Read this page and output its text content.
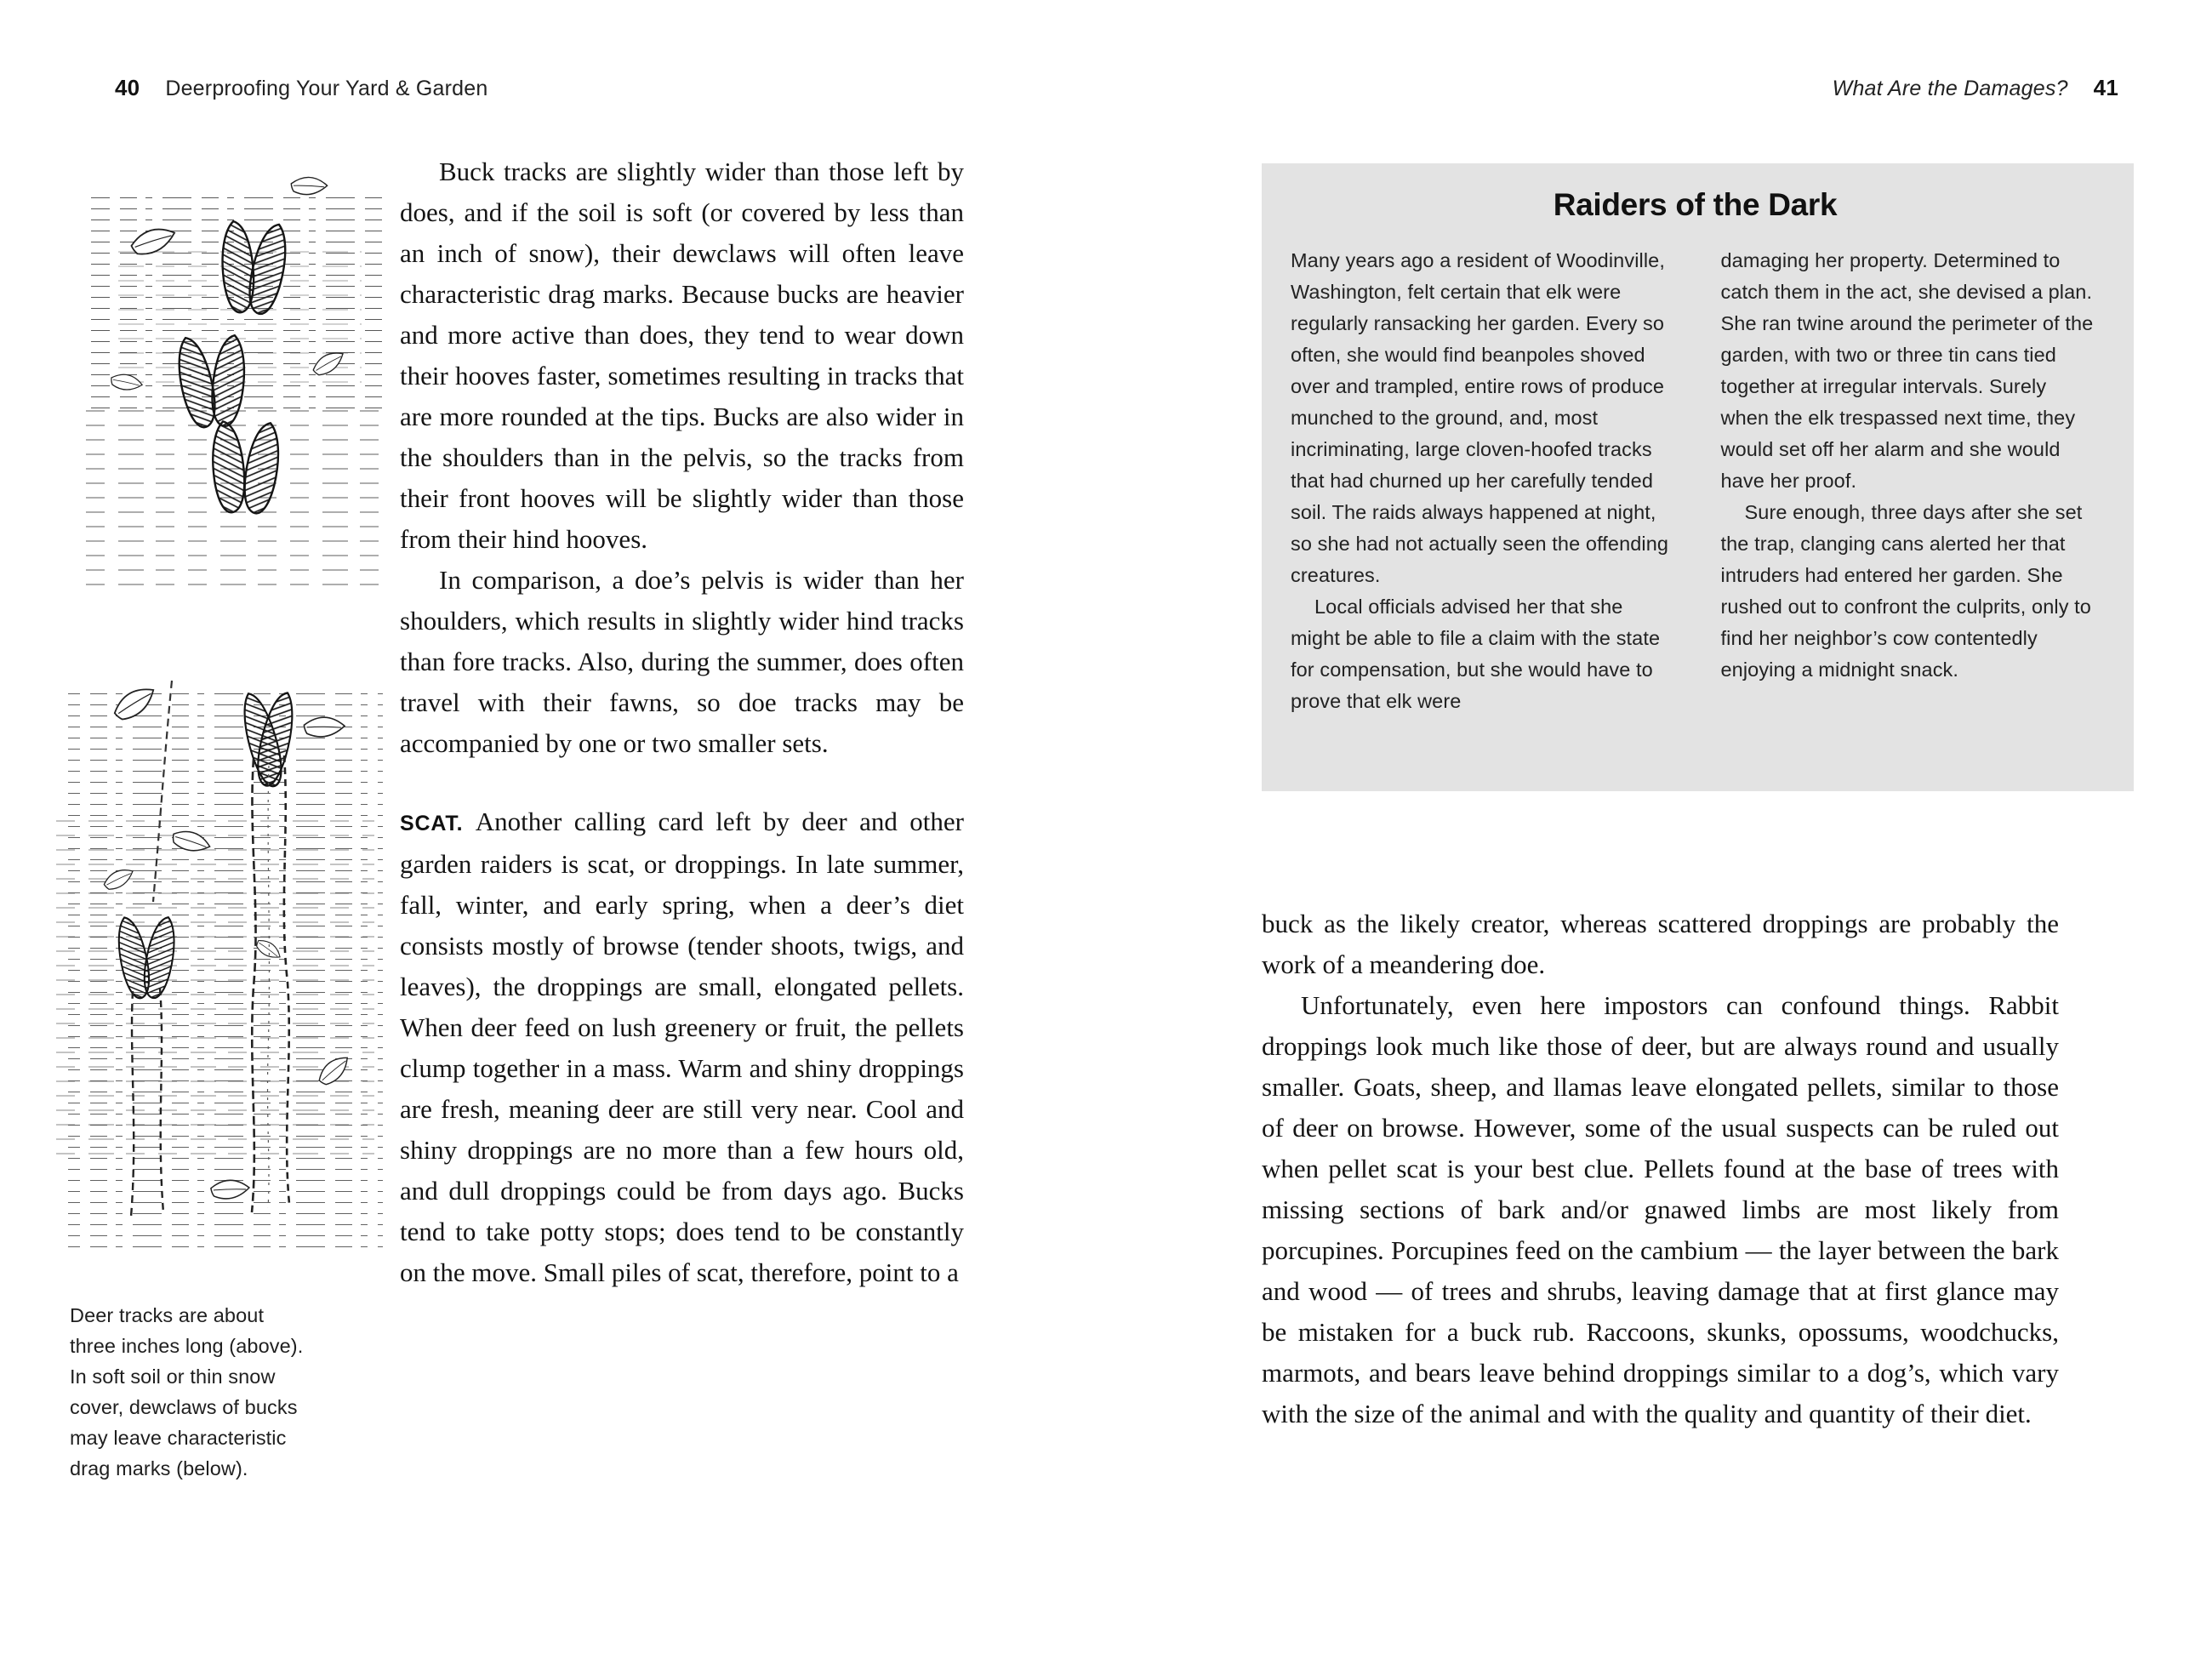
40 Deerproofing Your Yard & Garden	What Are the Damages? 41
Deer tracks are about three inches long (above). In soft soil or thin snow cover, dewclaws of bucks may leave characteristic drag marks (below).

Buck tracks are slightly wider than those left by does, and if the soil is soft (or covered by less than an inch of snow), their dewclaws will often leave characteristic drag marks. Because bucks are heavier and more active than does, they tend to wear down their hooves faster, sometimes resulting in tracks that are more rounded at the tips. Bucks are also wider in the shoulders than in the pelvis, so the tracks from their front hooves will be slightly wider than those from their hind hooves.

In comparison, a doe’s pelvis is wider than her shoulders, which results in slightly wider hind tracks than fore tracks. Also, during the summer, does often travel with their fawns, so doe tracks may be accompanied by one or two smaller sets.

SCAT. Another calling card left by deer and other garden raiders is scat, or droppings. In late summer, fall, winter, and early spring, when a deer’s diet consists mostly of browse (tender shoots, twigs, and leaves), the droppings are small, elongated pellets. When deer feed on lush greenery or fruit, the pellets clump together in a mass. Warm and shiny droppings are fresh, meaning deer are still very near. Cool and shiny droppings are no more than a few hours old, and dull droppings could be from days ago. Bucks tend to take potty stops; does tend to be constantly on the move. Small piles of scat, therefore, point to a

Raiders of the Dark

Many years ago a resident of Woodinville, Washington, felt certain that elk were regularly ransacking her garden. Every so often, she would find beanpoles shoved over and trampled, entire rows of produce munched to the ground, and, most incriminating, large cloven-hoofed tracks that had churned up her carefully tended soil. The raids always happened at night, so she had not actually seen the offending creatures.

Local officials advised her that she might be able to file a claim with the state for compensation, but she would have to prove that elk were

damaging her property. Determined to catch them in the act, she devised a plan. She ran twine around the perimeter of the garden, with two or three tin cans tied together at irregular intervals. Surely when the elk trespassed next time, they would set off her alarm and she would have her proof.

Sure enough, three days after she set the trap, clanging cans alerted her that intruders had entered her garden. She rushed out to confront the culprits, only to find her neighbor’s cow contentedly enjoying a midnight snack.

buck as the likely creator, whereas scattered droppings are probably the work of a meandering doe.

Unfortunately, even here impostors can confound things. Rabbit droppings look much like those of deer, but are always round and usually smaller. Goats, sheep, and llamas leave elongated pellets, similar to those of deer on browse. However, some of the usual suspects can be ruled out when pellet scat is your best clue. Pellets found at the base of trees with missing sections of bark and/or gnawed limbs are most likely from porcupines. Porcupines feed on the cambium — the layer between the bark and wood — of trees and shrubs, leaving damage that at first glance may be mistaken for a buck rub. Raccoons, skunks, opossums, woodchucks, marmots, and bears leave behind droppings similar to a dog’s, which vary with the size of the animal and with the quality and quantity of their diet.
